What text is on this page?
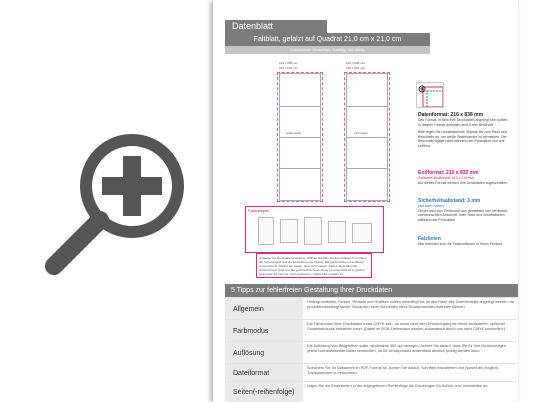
Datenblatt
Faltblatt, gefalzt auf Quadrat 21,0 cm x 21,0 cm
horizontaler Wickelfalz, 8-seitig, 4/4-farbig
216 x 838 mm
210 x 832 mm
Außenseite
216 x 838 mm
210 x 832 mm
Innenseite
Falzbeispiel
Hinweise zur Druckdatenerstellung: Wählen Sie bitte bei dem Auftrag Ihrer Daten, die Seitenanzahl und die Ausrichtung der Motive. Bei gewünschtem Gestaltung entsprechend. Stellen bei Seiten, bitte nicht passen. Seiten die Endformat, entsprechend groß und die gewünschte Ausrichtung ist entsprechend zu prüfen. Ansonsten können wir nicht garantieren. Dabei bitte möglich ist.
Datenformat: 216 x 838 mm
Das Format, in dem Ihre Druckdaten angelegt sein sollten. In diesem Format enthalten sind 3 mm Beschnitt.
Bitte legen Sie randabfallende Objekte bis zum Rand des Beschnitts an, um weiße Seitenränder zu vermeiden. Der Beschnitt(rugabe) wird während der Produktion von uns entfernt.
Endformat: 210 x 832 mm
Gefalztes Endformat: 210 x 210 mm
Auf dieses Format werden Ihre Druckdaten zugeschnitten.
Sicherheitsabstand: 3 mm
(auf allen Seiten)
Dieser wird vom Endformat aus gemessen und verhindert unerwünschten Anschnitt. Ihrer Texte und Informationen während der Produktion.
Falzlinien
Hier befinden sich die Falzpositionen in Ihrem Produkt.
5 Tipps zur fehlerfreien Gestaltung Ihrer Druckdaten
Allgemein
Hintergrundbilder, Farben, Verläufe und Grafiken sollten unbedingt bis an den Rand des Datenformats angelegt werden, da produktionsbedingt kleine Toleranzen beim Schneiden Ihres Druckproduktes auftreten können.
Farbmodus
Die Farbmodus Ihrer Druckdaten muss CMYK sein, da sonst nach dem Druckvorgang ein leicht veränderter, optischer Gesamteindruck entstehen kann. (Daten im RGB-Farbmodus werden automatisch durch uns nach CMYK konvertiert.)
Auflösung
Die Auflösung von Bildgrafiken sollte mindestens 300 dpi betragen. Achten Sie darauf, dass Sie für Ihre Druckvorlagen (meist hochauflösende Bilder verwenden, da Ihr Druckprodukt andernfalls deutlich pixelig werden kann.
Dateiformat
Speichern Sie Ihr Dokument im PDF-Format ab. Achten Sie darauf, Schriften einzubetten und (soweit als möglich) Transparenzen zu reduzieren.
Seiten(-reihenfolge)
Legen Sie die Einzelseiten in der angegebenen Reihenfolge als Druckbogen für Außen- und Innenseiten an.
